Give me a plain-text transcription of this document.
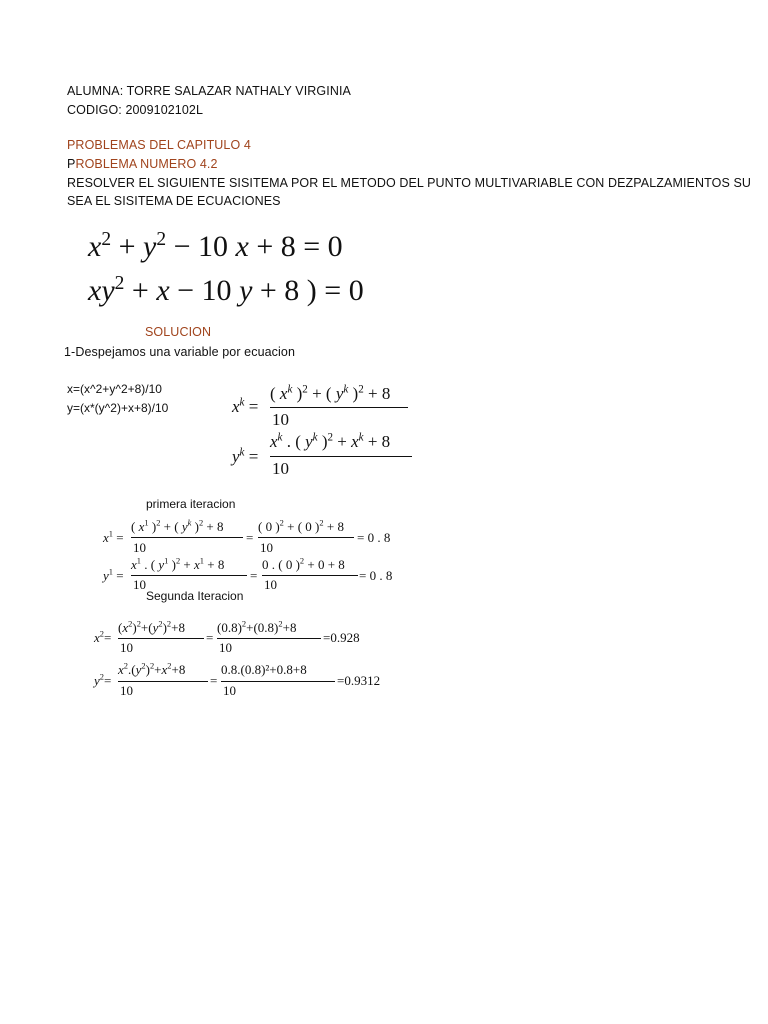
ALUMNA: TORRE SALAZAR NATHALY VIRGINIA
CODIGO: 2009102102L
PROBLEMAS DEL CAPITULO 4
PROBLEMA NUMERO 4.2
RESOLVER EL SIGUIENTE SISITEMA POR EL METODO DEL PUNTO MULTIVARIABLE CON DEZPALZAMIENTOS SU
SEA EL SISITEMA DE ECUACIONES
$x^2 + y^2 - 10$ x + 8 = 0
$xy^2 + x - 10$ y + 8 ) = 0
SOLUCION
1-Despejamos una variable por ecuacion
x=(x^2+y^2+8)/10
y=(x*(y^2)+x+8)/10	$x^k$ =
( $x^k$ )$^2$ + ( $y^k$ )$^2$ + 8
10
$y^k$ =
$x^k$ . ( $y^k$ )$^2 + x^k + 8$
10
primera iteracion
$x^1$ =
( $x^1$ )$^2$ + ( $y^k$ )$^2$ + 8
10
=
( 0 )$^2$ + ( 0 )$^2$ + 8
10
= 0 . 8
$y^1$ =
$x^1$ . ( $y^1$ )$^2 + x^1 + 8$
10
=
0 . ( 0 )$^2$ + 0 + 8
10
= 0 . 8
Segunda Iteracion
$x^2=$
$(x^2)^2+(y^2)^2+8$
10
=
$(0.8)^2+(0.8)^2+8$
10
=0.928
$y^2=$
$x^2.(y^2)^2+x^2+8$
10
=
0.8.(0.8)²+0.8+8
10
=0.9312
